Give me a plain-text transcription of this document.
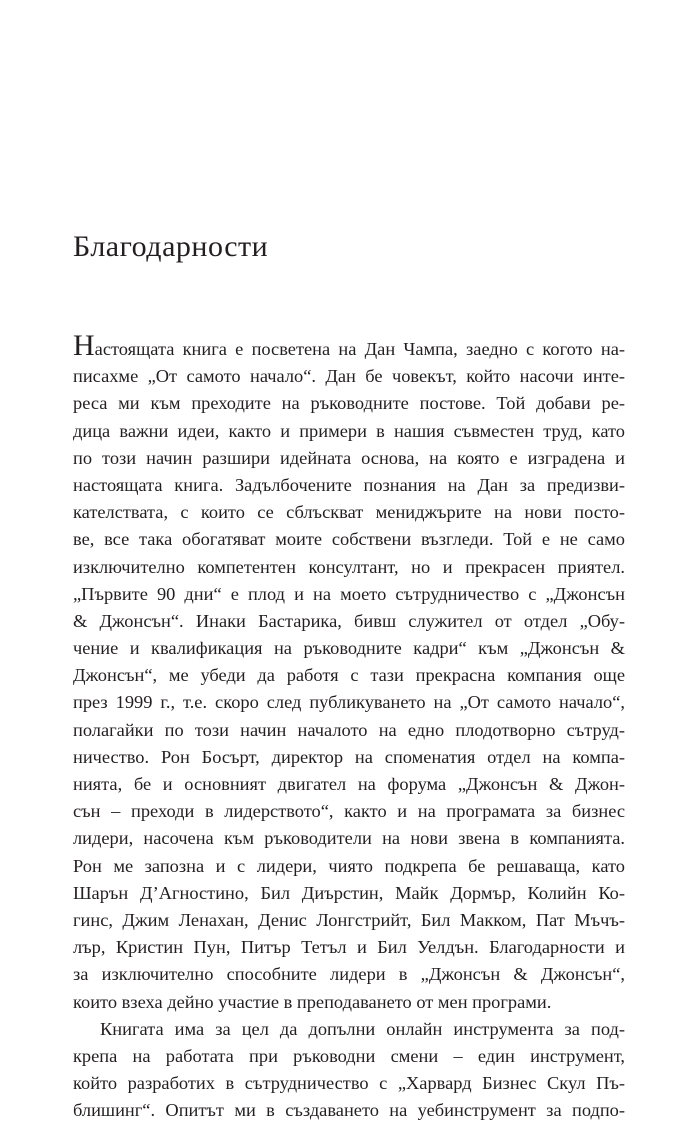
Благодарности
Настоящата книга е посветена на Дан Чампа, заедно с когото на-
писахме „От самото начало“. Дан бе човекът, който насочи инте-
реса ми към преходите на ръководните постове. Той добави ре-
дица важни идеи, както и примери в нашия съвместен труд, като
по този начин разшири идейната основа, на която е изградена и
настоящата книга. Задълбочените познания на Дан за предизви-
кателствата, с които се сблъскват мениджърите на нови посто-
ве, все така обогатяват моите собствени възгледи. Той е не само
изключително компетентен консултант, но и прекрасен приятел.
„Първите 90 дни“ е плод и на моето сътрудничество с „Джонсън
& Джонсън“. Инаки Бастарика, бивш служител от отдел „Обу-
чение и квалификация на ръководните кадри“ към „Джонсън &
Джонсън“, ме убеди да работя с тази прекрасна компания още
през 1999 г., т.е. скоро след публикуването на „От самото начало“,
полагайки по този начин началото на едно плодотворно сътруд-
ничество. Рон Босърт, директор на споменатия отдел на компа-
нията, бе и основният двигател на форума „Джонсън & Джон-
сън – преходи в лидерството“, както и на програмата за бизнес
лидери, насочена към ръководители на нови звена в компанията.
Рон ме запозна и с лидери, чиято подкрепа бе решаваща, като
Шарън Д’Агностино, Бил Диърстин, Майк Дормър, Колийн Ко-
гинс, Джим Ленахан, Денис Лонгстрийт, Бил Макком, Пат Мъчъ-
лър, Кристин Пун, Питър Тетъл и Бил Уелдън. Благодарности и
за изключително способните лидери в „Джонсън & Джонсън“,
които взеха дейно участие в преподаването от мен програми.
Книгата има за цел да допълни онлайн инструмента за под-
крепа на работата при ръководни смени – един инструмент,
който разработих в сътрудничество с „Харвард Бизнес Скул Пъ-
блишинг“. Опитът ми в създаването на уебинструмент за подпо-
